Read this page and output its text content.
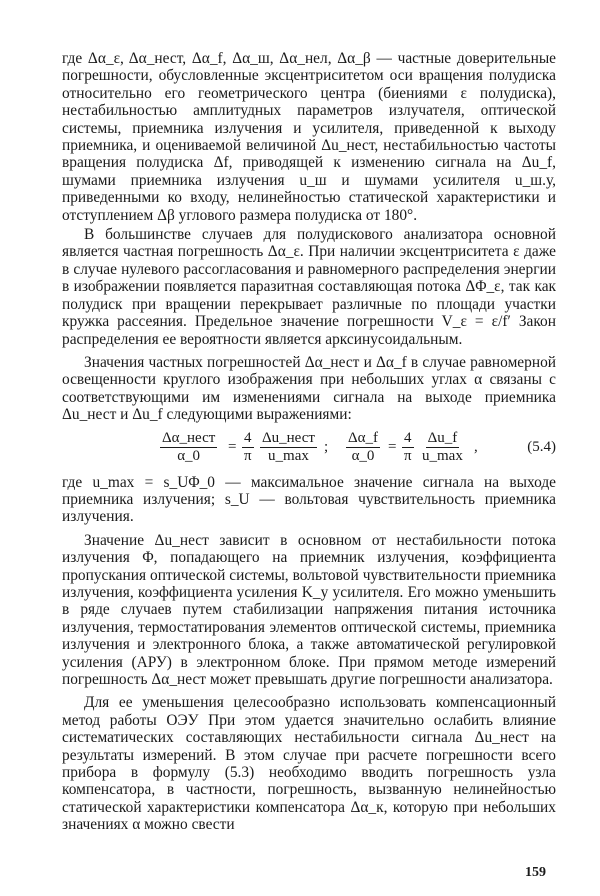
где Δα_ε, Δα_нест, Δα_f, Δα_ш, Δα_нел, Δα_β — частные доверительные погрешности, обусловленные эксцентриситетом оси вращения полудиска относительно его геометрического центра (биениями ε полудиска), нестабильностью амплитудных параметров излучателя, оптической системы, приемника излучения и усилителя, приведенной к выходу приемника, и оцениваемой величиной Δu_нест, нестабильностью частоты вращения полудиска Δf, приводящей к изменению сигнала на Δu_f, шумами приемника излучения u_ш и шумами усилителя u_ш.у, приведенными ко входу, нелинейностью статической характеристики и отступлением Δβ углового размера полудиска от 180°.

В большинстве случаев для полудискового анализатора основной является частная погрешность Δα_ε. При наличии эксцентриситета ε даже в случае нулевого рассогласования и равномерного распределения энергии в изображении появляется паразитная составляющая потока ΔΦ_ε, так как полудиск при вращении перекрывает различные по площади участки кружка рассеяния. Предельное значение погрешности V_ε = ε/f′ Закон распределения ее вероятности является арксинусоидальным.

Значения частных погрешностей Δα_нест и Δα_f в случае равномерной освещенности круглого изображения при небольших углах α связаны с соответствующими им изменениями сигнала на выходе приемника Δu_нест и Δu_f следующими выражениями:

Δα_нест
α_0
= $\frac{4}{\pi}$ Δu_нест
u_max
; $\frac{\Delta\alpha\_f}{\alpha\_0} = \frac{4}{\pi}$ Δu_f
u_max
,	(5.4)

где u_max = s_UΦ_0 — максимальное значение сигнала на выходе приемника излучения; s_U — вольтовая чувствительность приемника излучения.

Значение Δu_нест зависит в основном от нестабильности потока излучения Φ, попадающего на приемник излучения, коэффициента пропускания оптической системы, вольтовой чувствительности приемника излучения, коэффициента усиления K_у усилителя. Его можно уменьшить в ряде случаев путем стабилизации напряжения питания источника излучения, термостатирования элементов оптической системы, приемника излучения и электронного блока, а также автоматической регулировкой усиления (АРУ) в электронном блоке. При прямом методе измерений погрешность Δα_нест может превышать другие погрешности анализатора.

Для ее уменьшения целесообразно использовать компенсационный метод работы ОЭУ При этом удается значительно ослабить влияние систематических составляющих нестабильности сигнала Δu_нест на результаты измерений. В этом случае при расчете погрешности всего прибора в формулу (5.3) необходимо вводить погрешность узла компенсатора, в частности, погрешность, вызванную нелинейностью статической характеристики компенсатора Δα_к, которую при небольших значениях α можно свести

159
